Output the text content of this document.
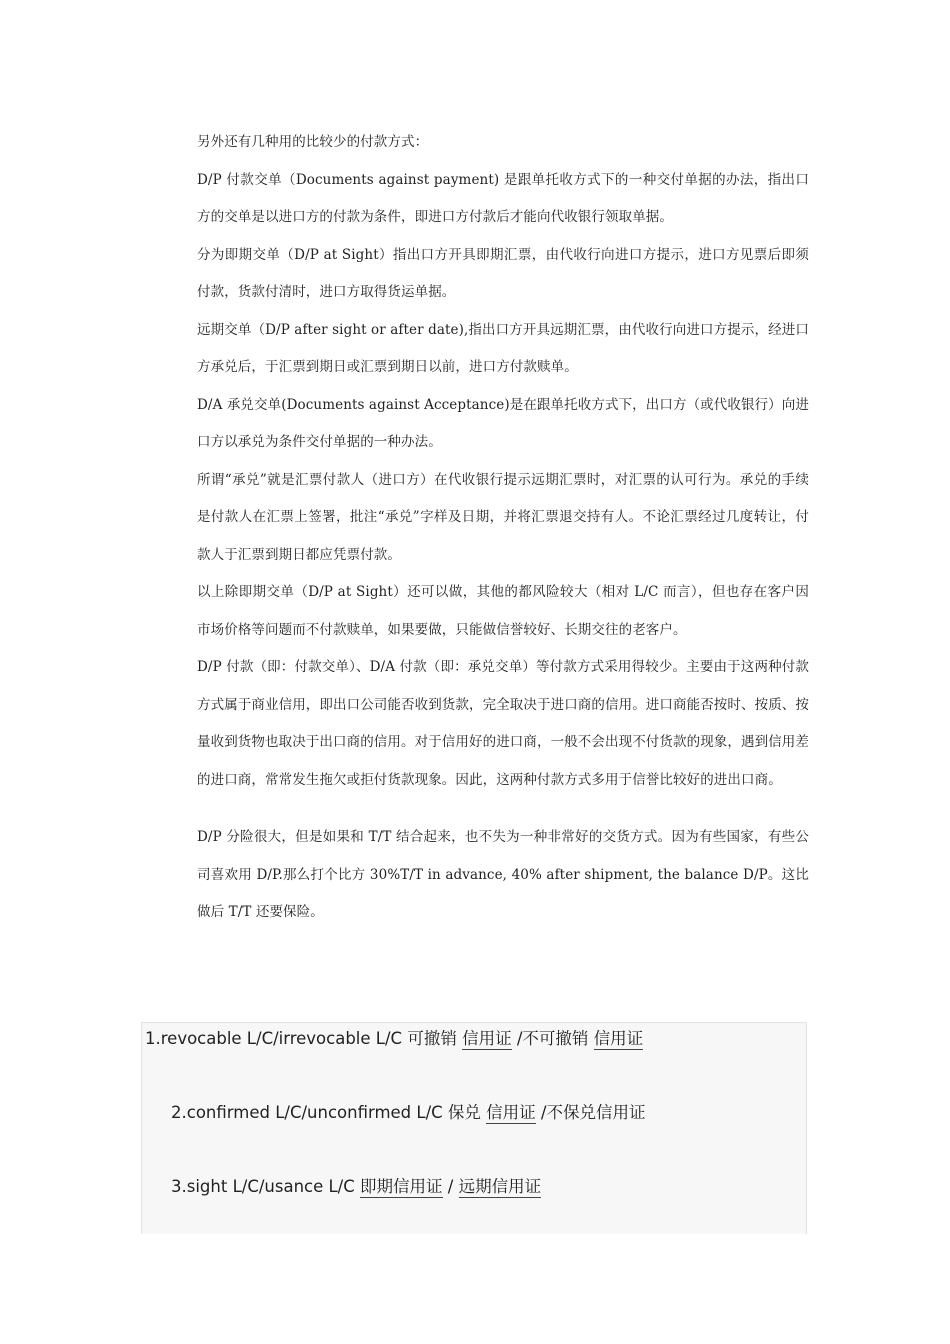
另外还有几种用的比较少的付款方式：

D/P 付款交单（Documents against payment) 是跟单托收方式下的一种交付单据的办法，指出口方的交单是以进口方的付款为条件，即进口方付款后才能向代收银行领取单据。

分为即期交单（D/P at Sight）指出口方开具即期汇票，由代收行向进口方提示，进口方见票后即须付款，货款付清时，进口方取得货运单据。

远期交单（D/P after sight or after date),指出口方开具远期汇票，由代收行向进口方提示，经进口方承兑后，于汇票到期日或汇票到期日以前，进口方付款赎单。

D/A 承兑交单(Documents against Acceptance)是在跟单托收方式下，出口方（或代收银行）向进口方以承兑为条件交付单据的一种办法。

所谓“承兑”就是汇票付款人（进口方）在代收银行提示远期汇票时，对汇票的认可行为。承兑的手续是付款人在汇票上签署，批注“承兑”字样及日期，并将汇票退交持有人。不论汇票经过几度转让，付款人于汇票到期日都应凭票付款。

以上除即期交单（D/P at Sight）还可以做，其他的都风险较大（相对 L/C 而言），但也存在客户因市场价格等问题而不付款赎单，如果要做，只能做信誉较好、长期交往的老客户。

D/P 付款（即：付款交单）、D/A 付款（即：承兑交单）等付款方式采用得较少。主要由于这两种付款方式属于商业信用，即出口公司能否收到货款，完全取决于进口商的信用。进口商能否按时、按质、按量收到货物也取决于出口商的信用。对于信用好的进口商，一般不会出现不付货款的现象，遇到信用差的进口商，常常发生拖欠或拒付货款现象。因此，这两种付款方式多用于信誉比较好的进出口商。

D/P 分险很大，但是如果和 T/T 结合起来，也不失为一种非常好的交货方式。因为有些国家，有些公司喜欢用 D/P.那么打个比方 30%T/T in advance, 40% after shipment, the balance D/P。这比做后 T/T 还要保险。

1.revocable L/C/irrevocable L/C 可撤销 信用证 /不可撤销 信用证
2.confirmed L/C/unconfirmed L/C 保兑 信用证 /不保兑信用证
3.sight L/C/usance L/C 即期信用证 / 远期信用证
